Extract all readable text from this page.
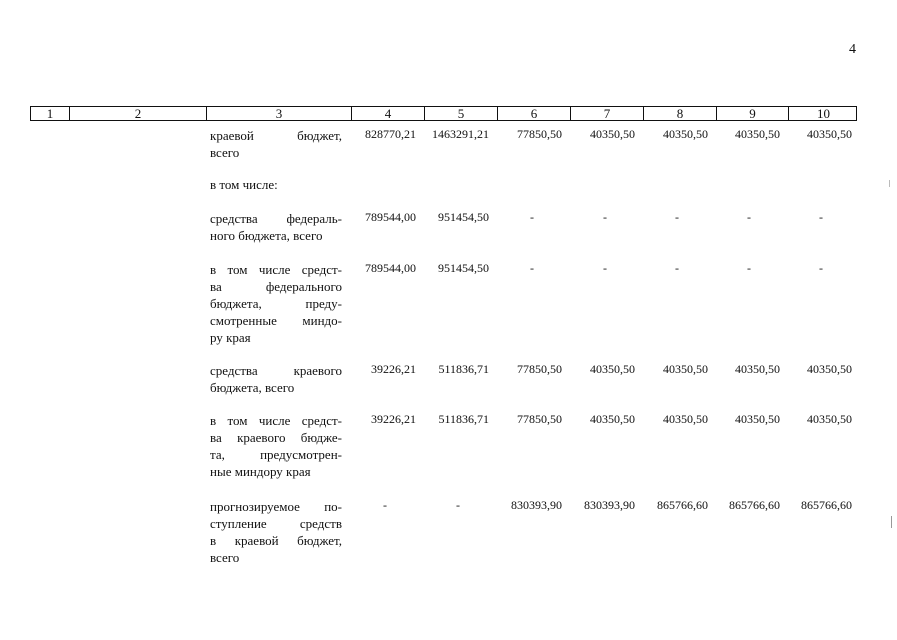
4
1	2	3	4	5	6	7	8	9	10
краевой бюджет,
всего
828770,21 1463291,21 77850,50 40350,50 40350,50 40350,50 40350,50
в том числе:
средства федераль-
ного бюджета, всего
789544,00 951454,50	-	-	-	-	-
в том числе средст-
ва федерального
бюджета, преду-
смотренные миндо-
ру края
789544,00 951454,50	-	-	-	-	-
средства краевого
бюджета, всего
39226,21 511836,71 77850,50 40350,50 40350,50 40350,50 40350,50
в том числе средст-
ва краевого бюдже-
та, предусмотрен-
ные миндору края
39226,21 511836,71 77850,50 40350,50 40350,50 40350,50 40350,50
прогнозируемое по-
ступление средств
в краевой бюджет,
всего
-	-	830393,90 830393,90 865766,60 865766,60 865766,60
